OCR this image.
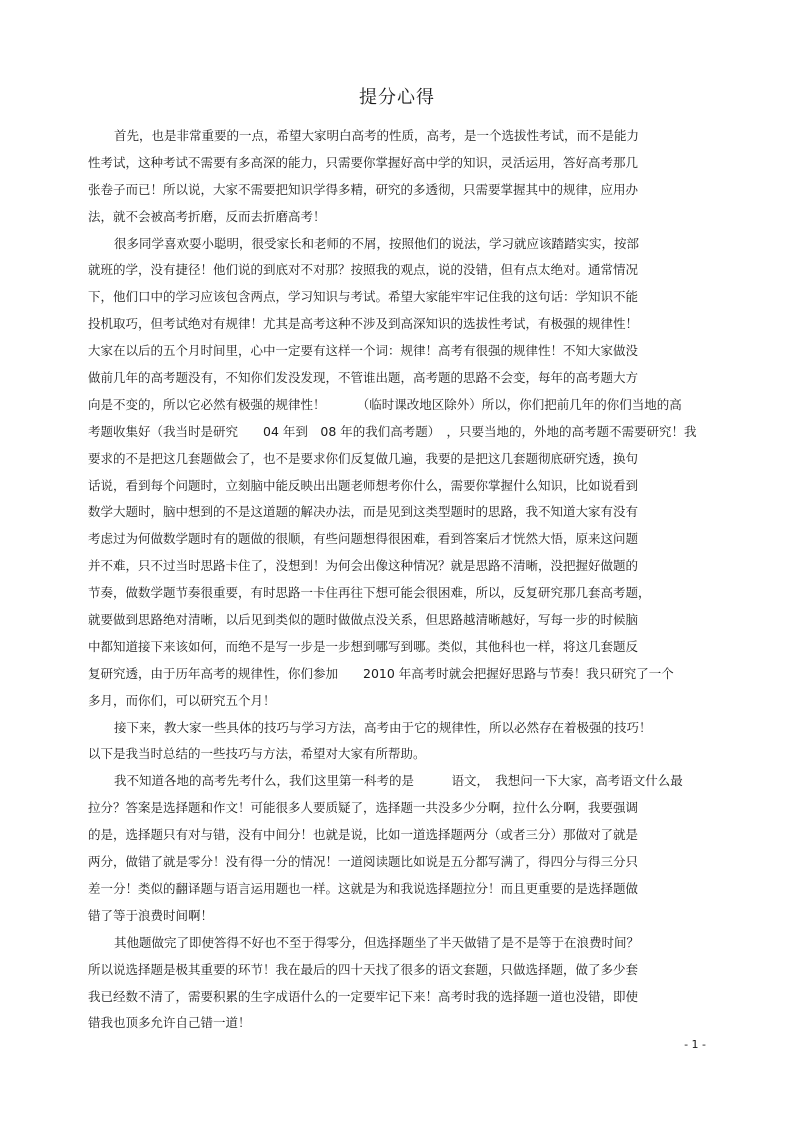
提分心得
首先，也是非常重要的一点，希望大家明白高考的性质，高考，是一个选拔性考试，而不是能力
性考试，这种考试不需要有多高深的能力，只需要你掌握好高中学的知识，灵活运用，答好高考那几
张卷子而已！所以说，大家不需要把知识学得多精，研究的多透彻，只需要掌握其中的规律，应用办
法，就不会被高考折磨，反而去折磨高考！
很多同学喜欢耍小聪明，很受家长和老师的不屑，按照他们的说法，学习就应该踏踏实实，按部
就班的学，没有捷径！他们说的到底对不对那？按照我的观点，说的没错，但有点太绝对。通常情况
下，他们口中的学习应该包含两点，学习知识与考试。希望大家能牢牢记住我的这句话：学知识不能
投机取巧，但考试绝对有规律！尤其是高考这种不涉及到高深知识的选拔性考试，有极强的规律性！
大家在以后的五个月时间里，心中一定要有这样一个词：规律！高考有很强的规律性！不知大家做没
做前几年的高考题没有，不知你们发没发现，不管谁出题，高考题的思路不会变，每年的高考题大方
向是不变的，所以它必然有极强的规律性！　　　（临时课改地区除外）所以，你们把前几年的你们当地的高
考题收集好（我当时是研究　　04 年到　08 年的我们高考题）　，只要当地的，外地的高考题不需要研究！我
要求的不是把这几套题做会了，也不是要求你们反复做几遍，我要的是把这几套题彻底研究透，换句
话说，看到每个问题时，立刻脑中能反映出出题老师想考你什么，需要你掌握什么知识，比如说看到
数学大题时，脑中想到的不是这道题的解决办法，而是见到这类型题时的思路，我不知道大家有没有
考虑过为何做数学题时有的题做的很顺，有些问题想得很困难，看到答案后才恍然大悟，原来这问题
并不难，只不过当时思路卡住了，没想到！为何会出像这种情况？就是思路不清晰，没把握好做题的
节奏，做数学题节奏很重要，有时思路一卡住再往下想可能会很困难，所以，反复研究那几套高考题，
就要做到思路绝对清晰，以后见到类似的题时做做点没关系，但思路越清晰越好，写每一步的时候脑
中都知道接下来该如何，而绝不是写一步是一步想到哪写到哪。类似，其他科也一样，将这几套题反
复研究透，由于历年高考的规律性，你们参加　　2010 年高考时就会把握好思路与节奏！我只研究了一个
多月，而你们，可以研究五个月！
接下来，教大家一些具体的技巧与学习方法，高考由于它的规律性，所以必然存在着极强的技巧！
以下是我当时总结的一些技巧与方法，希望对大家有所帮助。
我不知道各地的高考先考什么，我们这里第一科考的是　　　语文，　我想问一下大家，高考语文什么最
拉分？答案是选择题和作文！可能很多人要质疑了，选择题一共没多少分啊，拉什么分啊，我要强调
的是，选择题只有对与错，没有中间分！也就是说，比如一道选择题两分（或者三分）那做对了就是
两分，做错了就是零分！没有得一分的情况！一道阅读题比如说是五分都写满了，得四分与得三分只
差一分！类似的翻译题与语言运用题也一样。这就是为和我说选择题拉分！而且更重要的是选择题做
错了等于浪费时间啊！
其他题做完了即使答得不好也不至于得零分，但选择题坐了半天做错了是不是等于在浪费时间？
所以说选择题是极其重要的环节！我在最后的四十天找了很多的语文套题，只做选择题，做了多少套
我已经数不清了，需要积累的生字成语什么的一定要牢记下来！高考时我的选择题一道也没错，即使
错我也顶多允许自己错一道！
- 1 -
